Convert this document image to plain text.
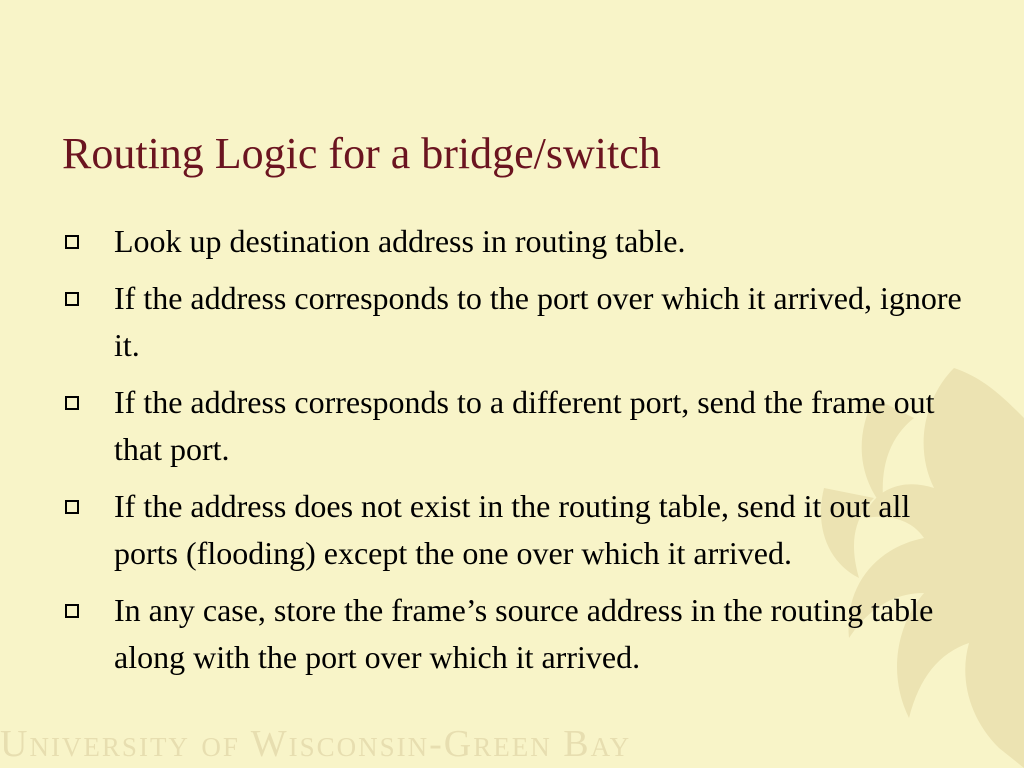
University of Wisconsin-Green Bay
Routing Logic for a bridge/switch
Look up destination address in routing table.
If the address corresponds to the port over which it arrived, ignore it.
If the address corresponds to a different port, send the frame out that port.
If the address does not exist in the routing table, send it out all ports (flooding) except the one over which it arrived.
In any case, store the frame’s source address in the routing table along with the port over which it arrived.
